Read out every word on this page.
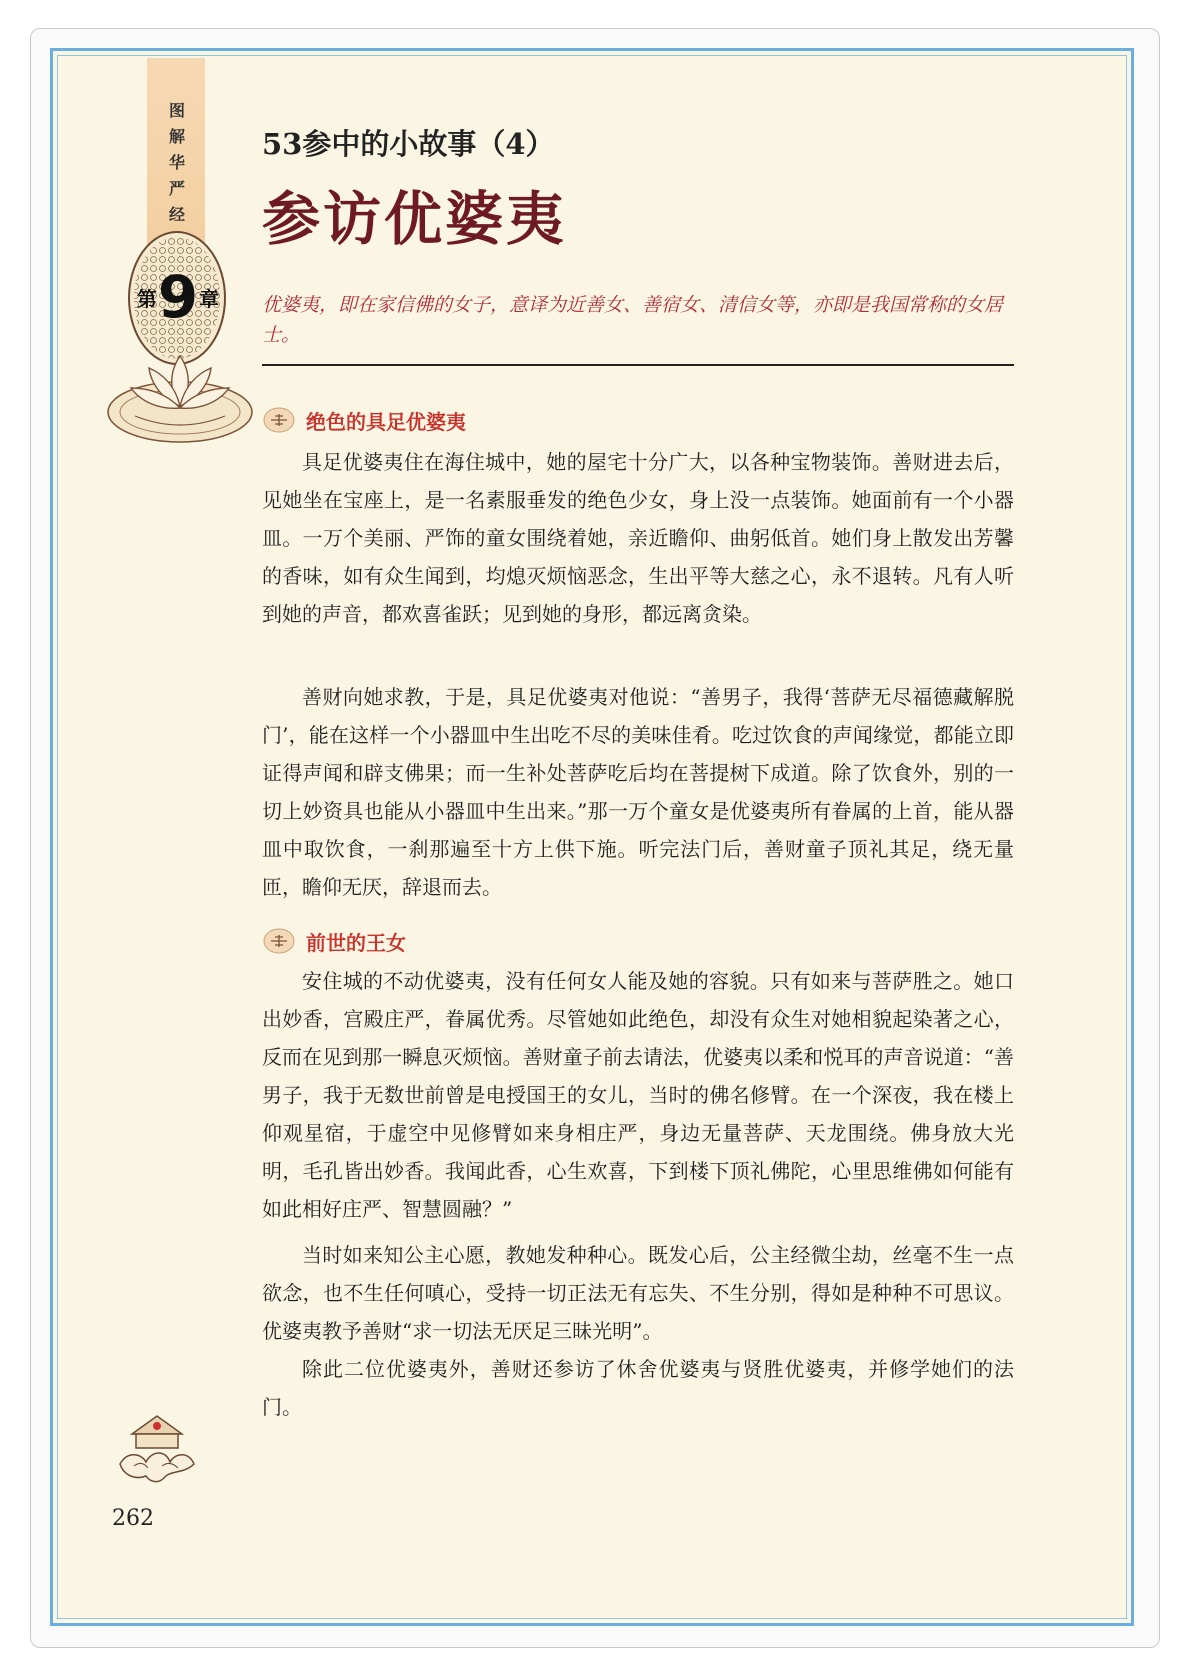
图解华严经
第 9 章
53参中的小故事（4）
参访优婆夷
优婆夷，即在家信佛的女子，意译为近善女、善宿女、清信女等，亦即是我国常称的女居士。
绝色的具足优婆夷

具足优婆夷住在海住城中，她的屋宅十分广大，以各种宝物装饰。善财进去后，见她坐在宝座上，是一名素服垂发的绝色少女，身上没一点装饰。她面前有一个小器皿。一万个美丽、严饰的童女围绕着她，亲近瞻仰、曲躬低首。她们身上散发出芳馨的香味，如有众生闻到，均熄灭烦恼恶念，生出平等大慈之心，永不退转。凡有人听到她的声音，都欢喜雀跃；见到她的身形，都远离贪染。

善财向她求教，于是，具足优婆夷对他说：“善男子，我得‘菩萨无尽福德藏解脱门’，能在这样一个小器皿中生出吃不尽的美味佳肴。吃过饮食的声闻缘觉，都能立即证得声闻和辟支佛果；而一生补处菩萨吃后均在菩提树下成道。除了饮食外，别的一切上妙资具也能从小器皿中生出来。”那一万个童女是优婆夷所有眷属的上首，能从器皿中取饮食，一刹那遍至十方上供下施。听完法门后，善财童子顶礼其足，绕无量匝，瞻仰无厌，辞退而去。

前世的王女

安住城的不动优婆夷，没有任何女人能及她的容貌。只有如来与菩萨胜之。她口出妙香，宫殿庄严，眷属优秀。尽管她如此绝色，却没有众生对她相貌起染著之心，反而在见到那一瞬息灭烦恼。善财童子前去请法，优婆夷以柔和悦耳的声音说道：“善男子，我于无数世前曾是电授国王的女儿，当时的佛名修臂。在一个深夜，我在楼上仰观星宿，于虚空中见修臂如来身相庄严，身边无量菩萨、天龙围绕。佛身放大光明，毛孔皆出妙香。我闻此香，心生欢喜，下到楼下顶礼佛陀，心里思维佛如何能有如此相好庄严、智慧圆融？”

当时如来知公主心愿，教她发种种心。既发心后，公主经微尘劫，丝毫不生一点欲念，也不生任何嗔心，受持一切正法无有忘失、不生分别，得如是种种不可思议。优婆夷教予善财“求一切法无厌足三昧光明”。

除此二位优婆夷外，善财还参访了休舍优婆夷与贤胜优婆夷，并修学她们的法门。

262
